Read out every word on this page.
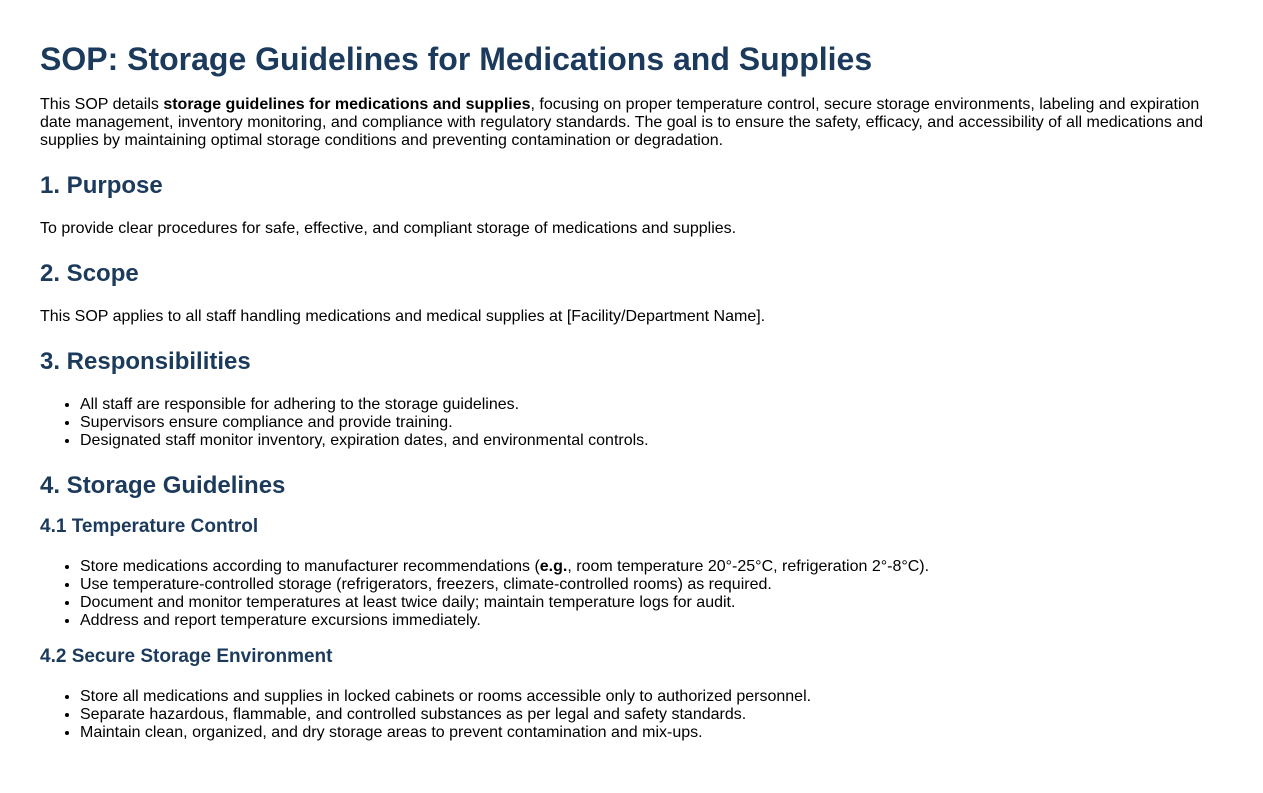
SOP: Storage Guidelines for Medications and Supplies

This SOP details storage guidelines for medications and supplies, focusing on proper temperature control, secure storage environments, labeling and expiration date management, inventory monitoring, and compliance with regulatory standards. The goal is to ensure the safety, efficacy, and accessibility of all medications and supplies by maintaining optimal storage conditions and preventing contamination or degradation.

1. Purpose

To provide clear procedures for safe, effective, and compliant storage of medications and supplies.

2. Scope

This SOP applies to all staff handling medications and medical supplies at [Facility/Department Name].

3. Responsibilities
• All staff are responsible for adhering to the storage guidelines.
• Supervisors ensure compliance and provide training.
• Designated staff monitor inventory, expiration dates, and environmental controls.
4. Storage Guidelines
4.1 Temperature Control
• Store medications according to manufacturer recommendations (e.g., room temperature 20°-25°C, refrigeration 2°-8°C).
• Use temperature-controlled storage (refrigerators, freezers, climate-controlled rooms) as required.
• Document and monitor temperatures at least twice daily; maintain temperature logs for audit.
• Address and report temperature excursions immediately.
4.2 Secure Storage Environment
• Store all medications and supplies in locked cabinets or rooms accessible only to authorized personnel.
• Separate hazardous, flammable, and controlled substances as per legal and safety standards.
• Maintain clean, organized, and dry storage areas to prevent contamination and mix-ups.
